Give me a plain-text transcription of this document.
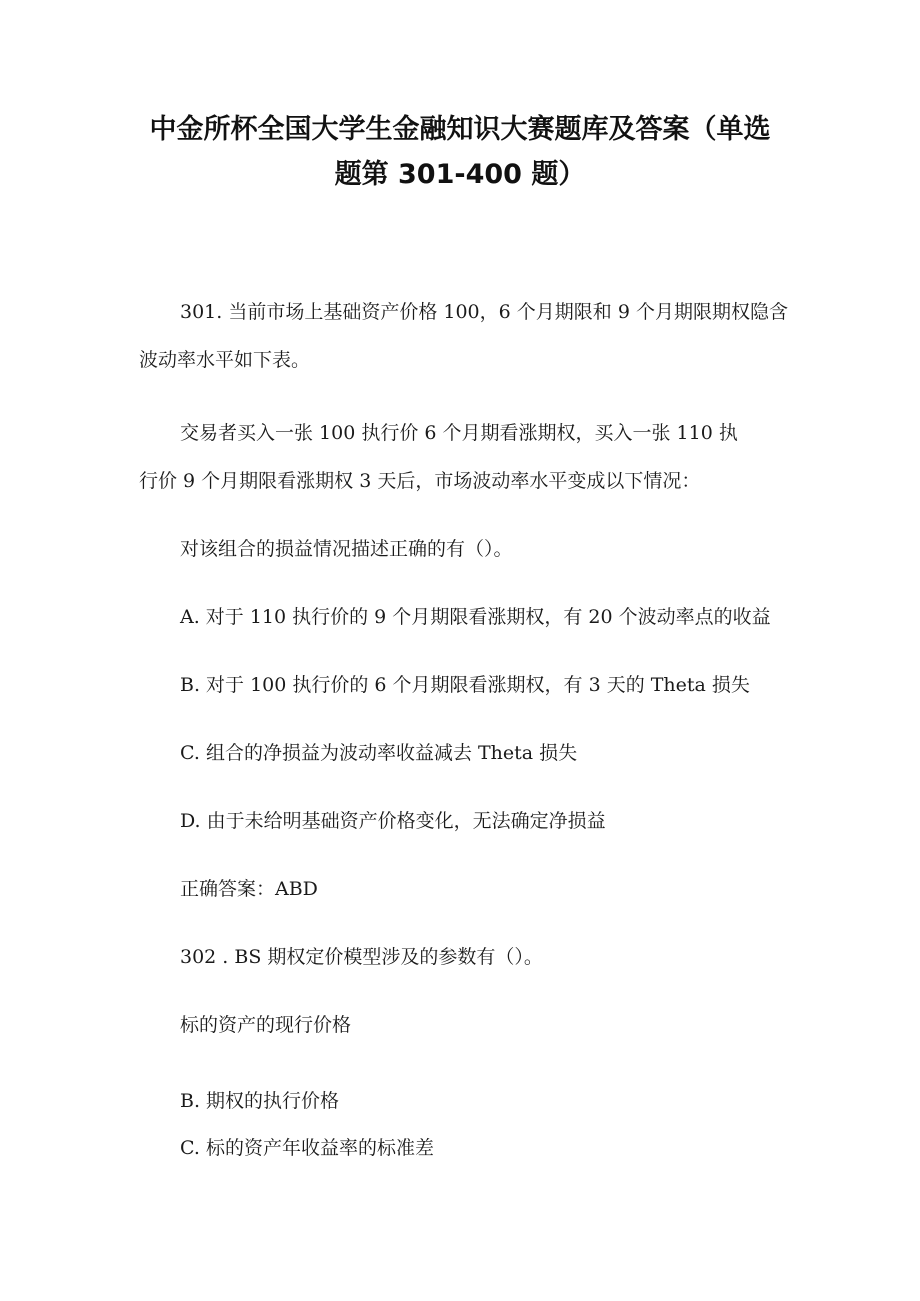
中金所杯全国大学生金融知识大赛题库及答案（单选
题第 301-400 题）
301. 当前市场上基础资产价格 100，6 个月期限和 9 个月期限期权隐含
波动率水平如下表。
交易者买入一张 100 执行价 6 个月期看涨期权，买入一张 110 执
行价 9 个月期限看涨期权 3 天后，市场波动率水平变成以下情况：
对该组合的损益情况描述正确的有（）。
A. 对于 110 执行价的 9 个月期限看涨期权，有 20 个波动率点的收益
B. 对于 100 执行价的 6 个月期限看涨期权，有 3 天的 Theta 损失
C. 组合的净损益为波动率收益减去 Theta 损失
D. 由于未给明基础资产价格变化，无法确定净损益
正确答案：ABD
302 . BS 期权定价模型涉及的参数有（）。
标的资产的现行价格
B. 期权的执行价格
C. 标的资产年收益率的标准差
